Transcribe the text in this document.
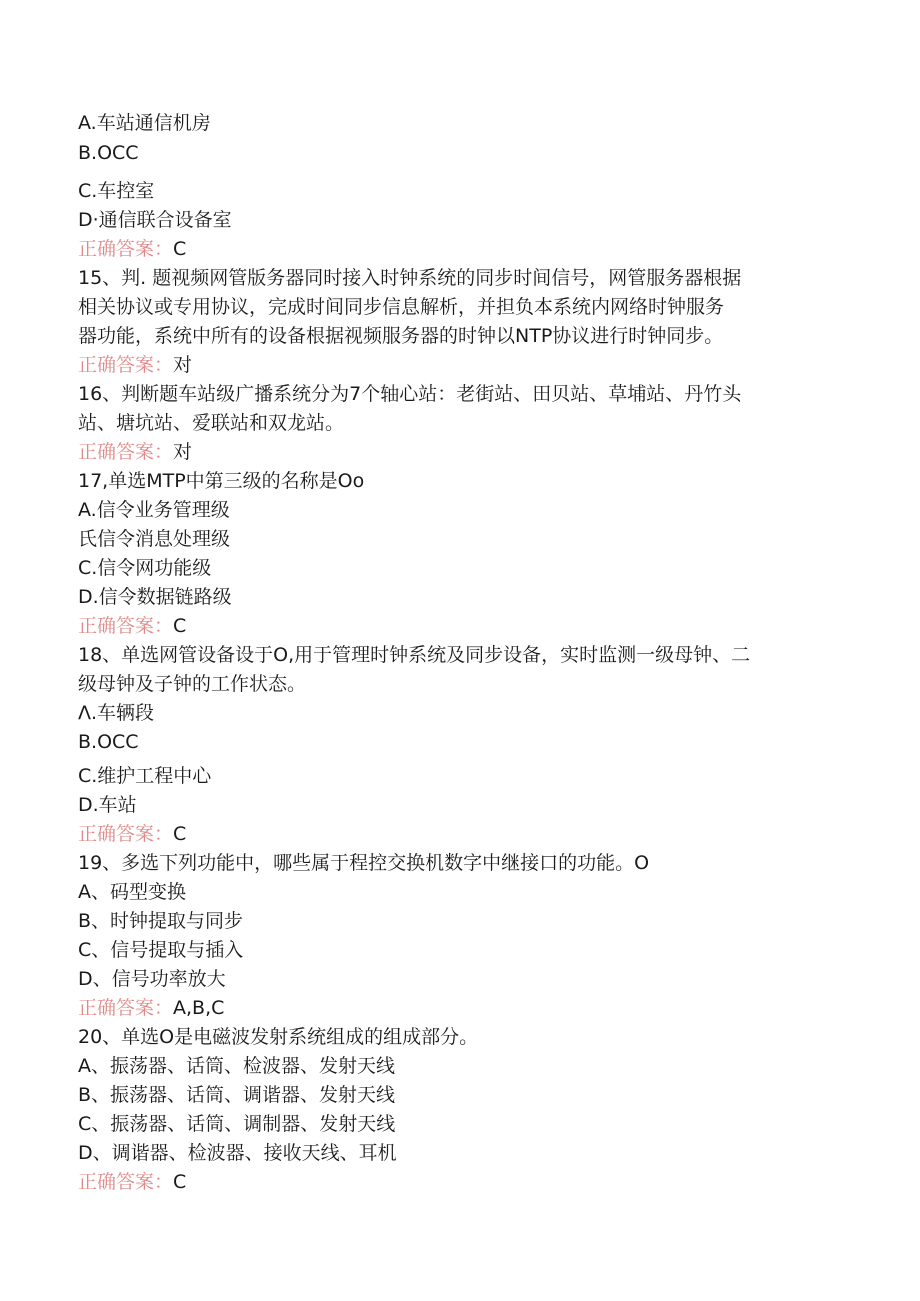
A.车站通信机房
B.OCC
C.车控室
D·通信联合设备室
正确答案：C
15、判. 题视频网管版务器同时接入时钟系统的同步时间信号，网管服务器根据
相关协议或专用协议，完成时间同步信息解析，并担负本系统内网络时钟服务
器功能，系统中所有的设备根据视频服务器的时钟以NTP协议进行时钟同步。
正确答案：对
16、判断题车站级广播系统分为7个轴心站：老街站、田贝站、草埔站、丹竹头
站、塘坑站、爱联站和双龙站。
正确答案：对
17,单选MTP中第三级的名称是Oo
A.信令业务管理级
氏信令消息处理级
C.信令网功能级
D.信令数据链路级
正确答案：C
18、单选网管设备设于O,用于管理时钟系统及同步设备，实时监测一级母钟、二
级母钟及子钟的工作状态。
Λ.车辆段
B.OCC
C.维护工程中心
D.车站
正确答案：C
19、多选下列功能中，哪些属于程控交换机数字中继接口的功能。O
A、码型变换
B、时钟提取与同步
C、信号提取与插入
D、信号功率放大
正确答案：A,B,C
20、单选O是电磁波发射系统组成的组成部分。
A、振荡器、话筒、检波器、发射天线
B、振荡器、话筒、调谐器、发射天线
C、振荡器、话筒、调制器、发射天线
D、调谐器、检波器、接收天线、耳机
正确答案：C
